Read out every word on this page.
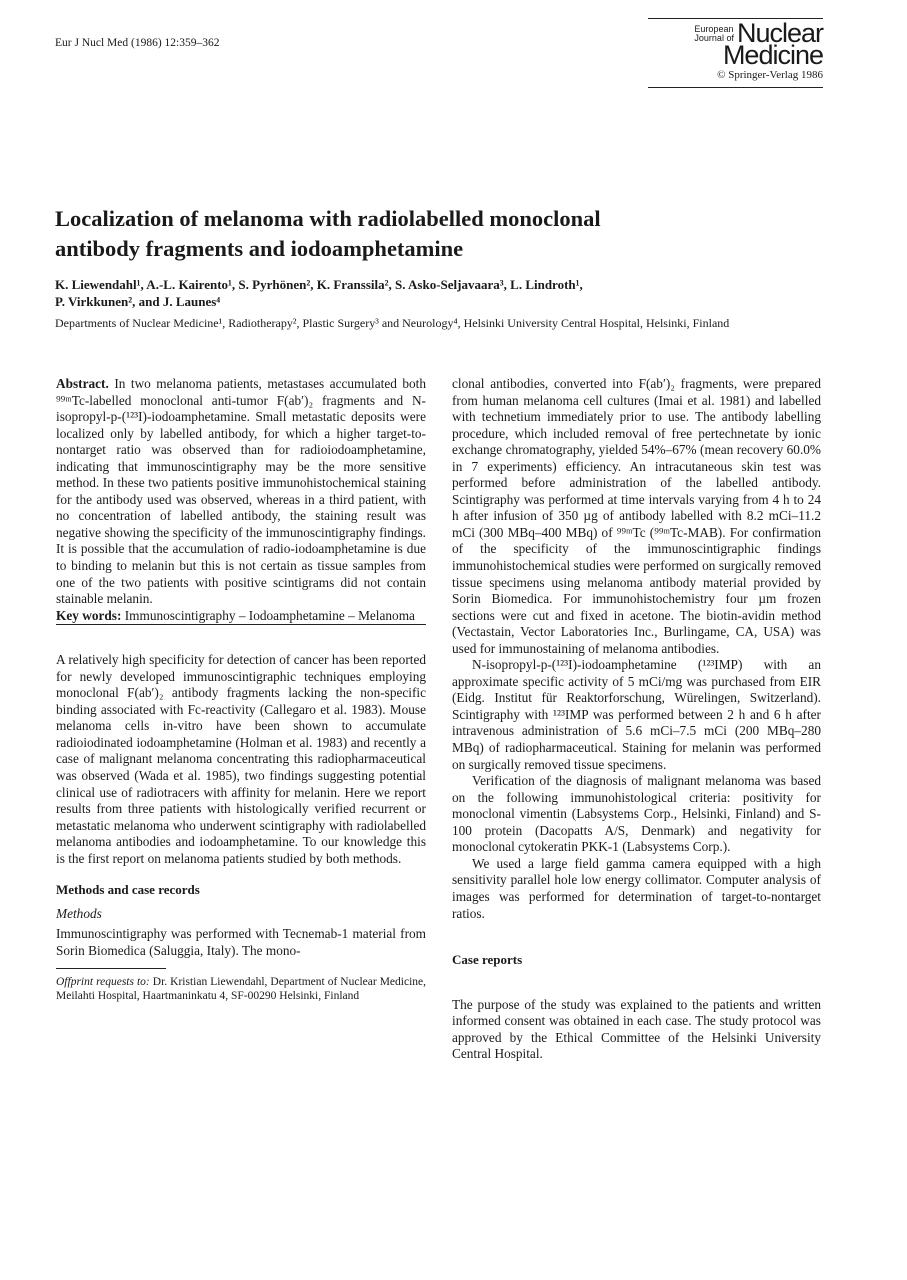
Eur J Nucl Med (1986) 12:359–362
European
Journal of Nuclear
Medicine
© Springer-Verlag 1986
Localization of melanoma with radiolabelled monoclonal
antibody fragments and iodoamphetamine
K. Liewendahl¹, A.-L. Kairento¹, S. Pyrhönen², K. Franssila², S. Asko-Seljavaara³, L. Lindroth¹,
P. Virkkunen², and J. Launes⁴
Departments of Nuclear Medicine¹, Radiotherapy², Plastic Surgery³ and Neurology⁴, Helsinki University Central Hospital, Helsinki, Finland

Abstract. In two melanoma patients, metastases accumulated both ⁹⁹ᵐTc-labelled monoclonal anti-tumor F(ab′)₂ fragments and N-isopropyl-p-(¹²³I)-iodoamphetamine. Small metastatic deposits were localized only by labelled antibody, for which a higher target-to-nontarget ratio was observed than for radioiodoamphetamine, indicating that immunoscintigraphy may be the more sensitive method. In these two patients positive immunohistochemical staining for the antibody used was observed, whereas in a third patient, with no concentration of labelled antibody, the staining result was negative showing the specificity of the immunoscintigraphy findings. It is possible that the accumulation of radio-iodoamphetamine is due to binding to melanin but this is not certain as tissue samples from one of the two patients with positive scintigrams did not contain stainable melanin.

Key words: Immunoscintigraphy – Iodoamphetamine – Melanoma

A relatively high specificity for detection of cancer has been reported for newly developed immunoscintigraphic techniques employing monoclonal F(ab′)₂ antibody fragments lacking the non-specific binding associated with Fc-reactivity (Callegaro et al. 1983). Mouse melanoma cells in-vitro have been shown to accumulate radioiodinated iodoamphetamine (Holman et al. 1983) and recently a case of malignant melanoma concentrating this radiopharmaceutical was observed (Wada et al. 1985), two findings suggesting potential clinical use of radiotracers with affinity for melanin. Here we report results from three patients with histologically verified recurrent or metastatic melanoma who underwent scintigraphy with radiolabelled melanoma antibodies and iodoamphetamine. To our knowledge this is the first report on melanoma patients studied by both methods.

Methods and case records

Methods

Immunoscintigraphy was performed with Tecnemab-1 material from Sorin Biomedica (Saluggia, Italy). The mono-

Offprint requests to: Dr. Kristian Liewendahl, Department of Nuclear Medicine, Meilahti Hospital, Haartmaninkatu 4, SF-00290 Helsinki, Finland

clonal antibodies, converted into F(ab′)₂ fragments, were prepared from human melanoma cell cultures (Imai et al. 1981) and labelled with technetium immediately prior to use. The antibody labelling procedure, which included removal of free pertechnetate by ionic exchange chromatography, yielded 54%–67% (mean recovery 60.0% in 7 experiments) efficiency. An intracutaneous skin test was performed before administration of the labelled antibody. Scintigraphy was performed at time intervals varying from 4 h to 24 h after infusion of 350 µg of antibody labelled with 8.2 mCi–11.2 mCi (300 MBq–400 MBq) of ⁹⁹ᵐTc (⁹⁹ᵐTc-MAB). For confirmation of the specificity of the immunoscintigraphic findings immunohistochemical studies were performed on surgically removed tissue specimens using melanoma antibody material provided by Sorin Biomedica. For immunohistochemistry four µm frozen sections were cut and fixed in acetone. The biotin-avidin method (Vectastain, Vector Laboratories Inc., Burlingame, CA, USA) was used for immunostaining of melanoma antibodies.

N-isopropyl-p-(¹²³I)-iodoamphetamine (¹²³IMP) with an approximate specific activity of 5 mCi/mg was purchased from EIR (Eidg. Institut für Reaktorforschung, Würelingen, Switzerland). Scintigraphy with ¹²³IMP was performed between 2 h and 6 h after intravenous administration of 5.6 mCi–7.5 mCi (200 MBq–280 MBq) of radiopharmaceutical. Staining for melanin was performed on surgically removed tissue specimens.

Verification of the diagnosis of malignant melanoma was based on the following immunohistological criteria: positivity for monoclonal vimentin (Labsystems Corp., Helsinki, Finland) and S-100 protein (Dacopatts A/S, Denmark) and negativity for monoclonal cytokeratin PKK-1 (Labsystems Corp.).

We used a large field gamma camera equipped with a high sensitivity parallel hole low energy collimator. Computer analysis of images was performed for determination of target-to-nontarget ratios.

Case reports

The purpose of the study was explained to the patients and written informed consent was obtained in each case. The study protocol was approved by the Ethical Committee of the Helsinki University Central Hospital.
